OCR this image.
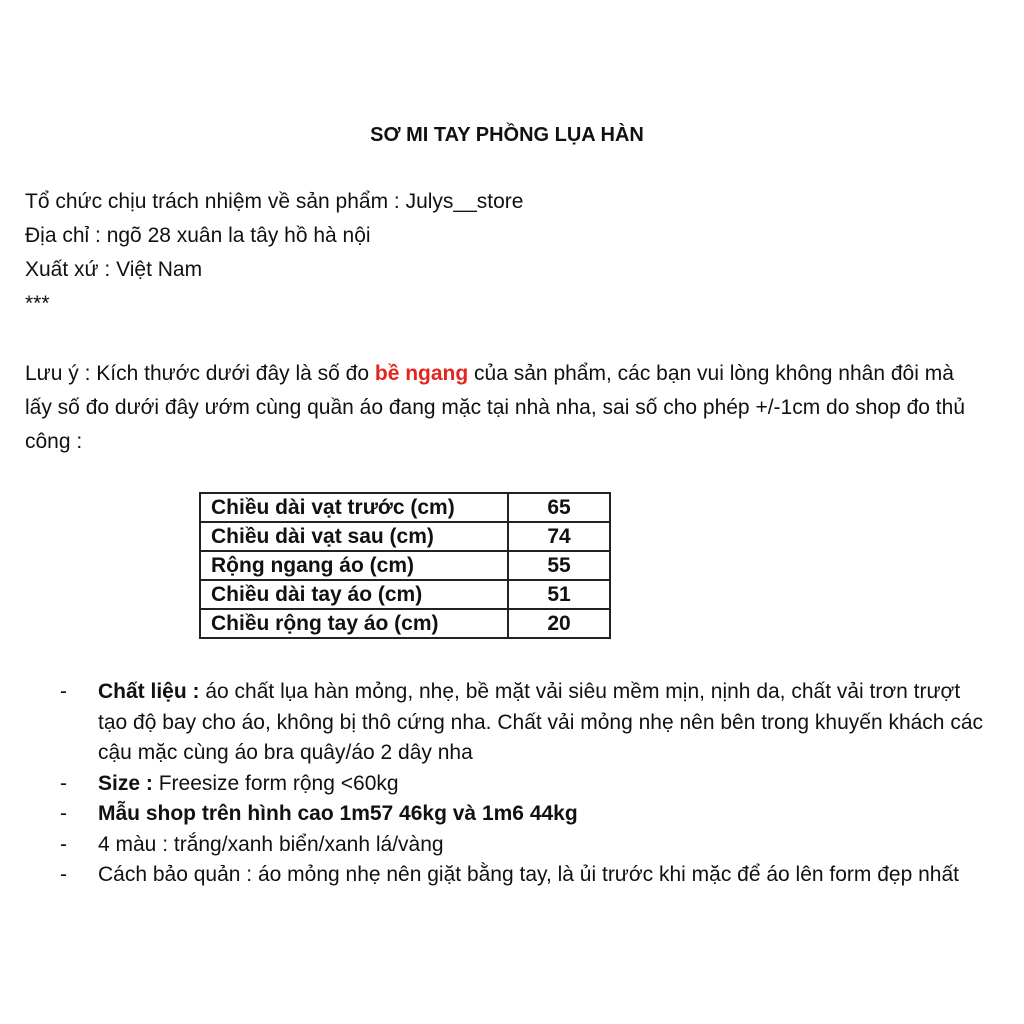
SƠ MI TAY PHỒNG LỤA HÀN
Tổ chức chịu trách nhiệm về sản phẩm : Julys__store
Địa chỉ : ngõ 28 xuân la tây hồ hà nội
Xuất xứ : Việt Nam
***

Lưu ý : Kích thước dưới đây là số đo bề ngang của sản phẩm, các bạn vui lòng không nhân đôi mà lấy số đo dưới đây ướm cùng quần áo đang mặc tại nhà nha, sai số cho phép +/-1cm do shop đo thủ công :

Chiều dài vạt trước (cm)	65
Chiều dài vạt sau (cm)	74
Rộng ngang áo (cm)	55
Chiều dài tay áo (cm)	51
Chiều rộng tay áo (cm)	20
- Chất liệu : áo chất lụa hàn mỏng, nhẹ, bề mặt vải siêu mềm mịn, nịnh da, chất vải trơn trượt tạo độ bay cho áo, không bị thô cứng nha. Chất vải mỏng nhẹ nên bên trong khuyến khách các cậu mặc cùng áo bra quây/áo 2 dây nha
- Size : Freesize form rộng <60kg
- Mẫu shop trên hình cao 1m57 46kg và 1m6 44kg
- 4 màu : trắng/xanh biển/xanh lá/vàng
- Cách bảo quản : áo mỏng nhẹ nên giặt bằng tay, là ủi trước khi mặc để áo lên form đẹp nhất
